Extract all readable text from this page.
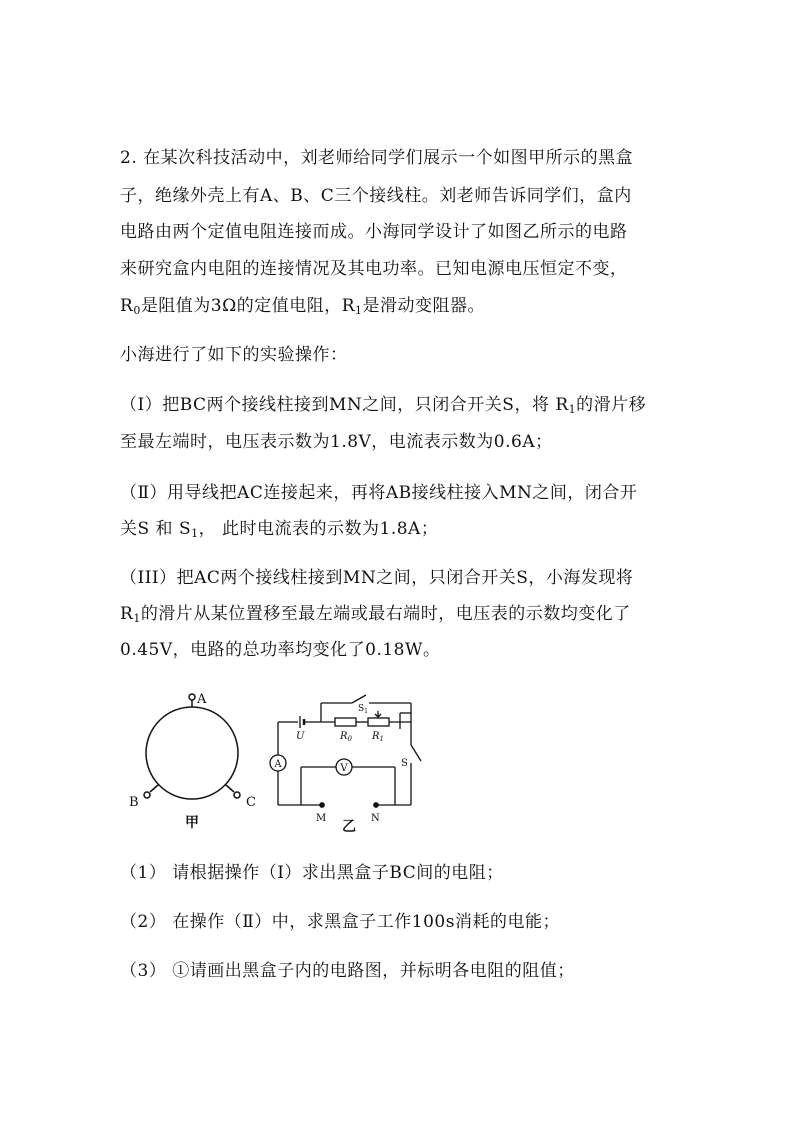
2. 在某次科技活动中，刘老师给同学们展示一个如图甲所示的黑盒
子，绝缘外壳上有A、B、C三个接线柱。刘老师告诉同学们，盒内
电路由两个定值电阻连接而成。小海同学设计了如图乙所示的电路
来研究盒内电阻的连接情况及其电功率。已知电源电压恒定不变，
$R_0$是阻值为3Ω的定值电阻，$R_1$是滑动变阻器。
小海进行了如下的实验操作：
（I）把BC两个接线柱接到MN之间，只闭合开关S，将 $R_1$的滑片移
至最左端时，电压表示数为1.8V，电流表示数为0.6A；
（Ⅱ）用导线把AC连接起来，再将AB接线柱接入MN之间，闭合开
关S 和 $S_1$， 此时电流表的示数为1.8A；
（III）把AC两个接线柱接到MN之间，只闭合开关S，小海发现将
$R_1$的滑片从某位置移至最左端或最右端时，电压表的示数均变化了
0.45V，电路的总功率均变化了0.18W。
A
B	C
甲
A	V
U	$R_0$ $R_1$
$S_1$
S
M	N
乙
（1） 请根据操作（I）求出黑盒子BC间的电阻；
（2） 在操作（Ⅱ）中，求黑盒子工作100s消耗的电能；
（3） ①请画出黑盒子内的电路图，并标明各电阻的阻值；
